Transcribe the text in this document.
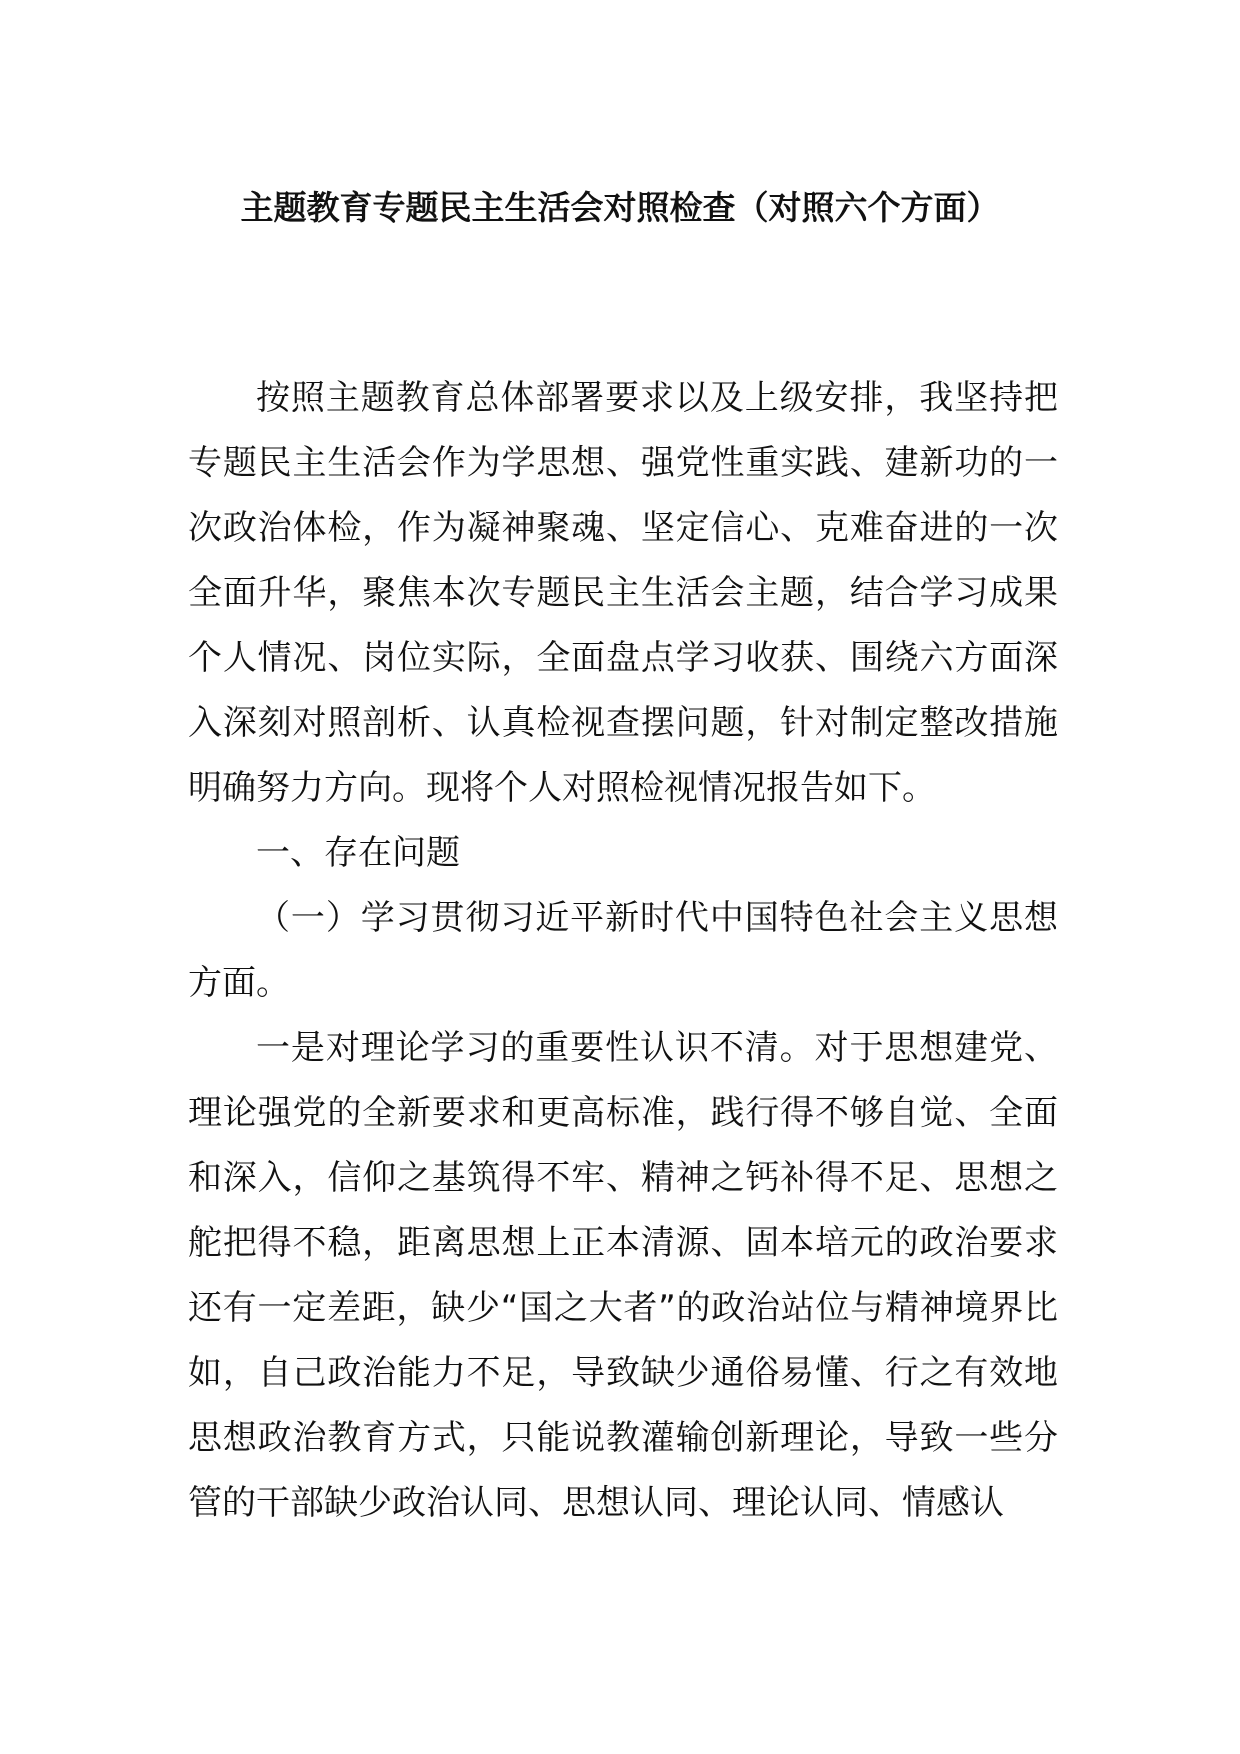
主题教育专题民主生活会对照检查（对照六个方面）

按照主题教育总体部署要求以及上级安排，我坚持把专题民主生活会作为学思想、强党性重实践、建新功的一次政治体检，作为凝神聚魂、坚定信心、克难奋进的一次全面升华，聚焦本次专题民主生活会主题，结合学习成果个人情况、岗位实际，全面盘点学习收获、围绕六方面深入深刻对照剖析、认真检视查摆问题，针对制定整改措施明确努力方向。现将个人对照检视情况报告如下。

一、存在问题

（一）学习贯彻习近平新时代中国特色社会主义思想方面。

一是对理论学习的重要性认识不清。对于思想建党、理论强党的全新要求和更高标准，践行得不够自觉、全面和深入，信仰之基筑得不牢、精神之钙补得不足、思想之舵把得不稳，距离思想上正本清源、固本培元的政治要求还有一定差距，缺少“国之大者”的政治站位与精神境界比如，自己政治能力不足，导致缺少通俗易懂、行之有效地思想政治教育方式，只能说教灌输创新理论，导致一些分管的干部缺少政治认同、思想认同、理论认同、情感认
